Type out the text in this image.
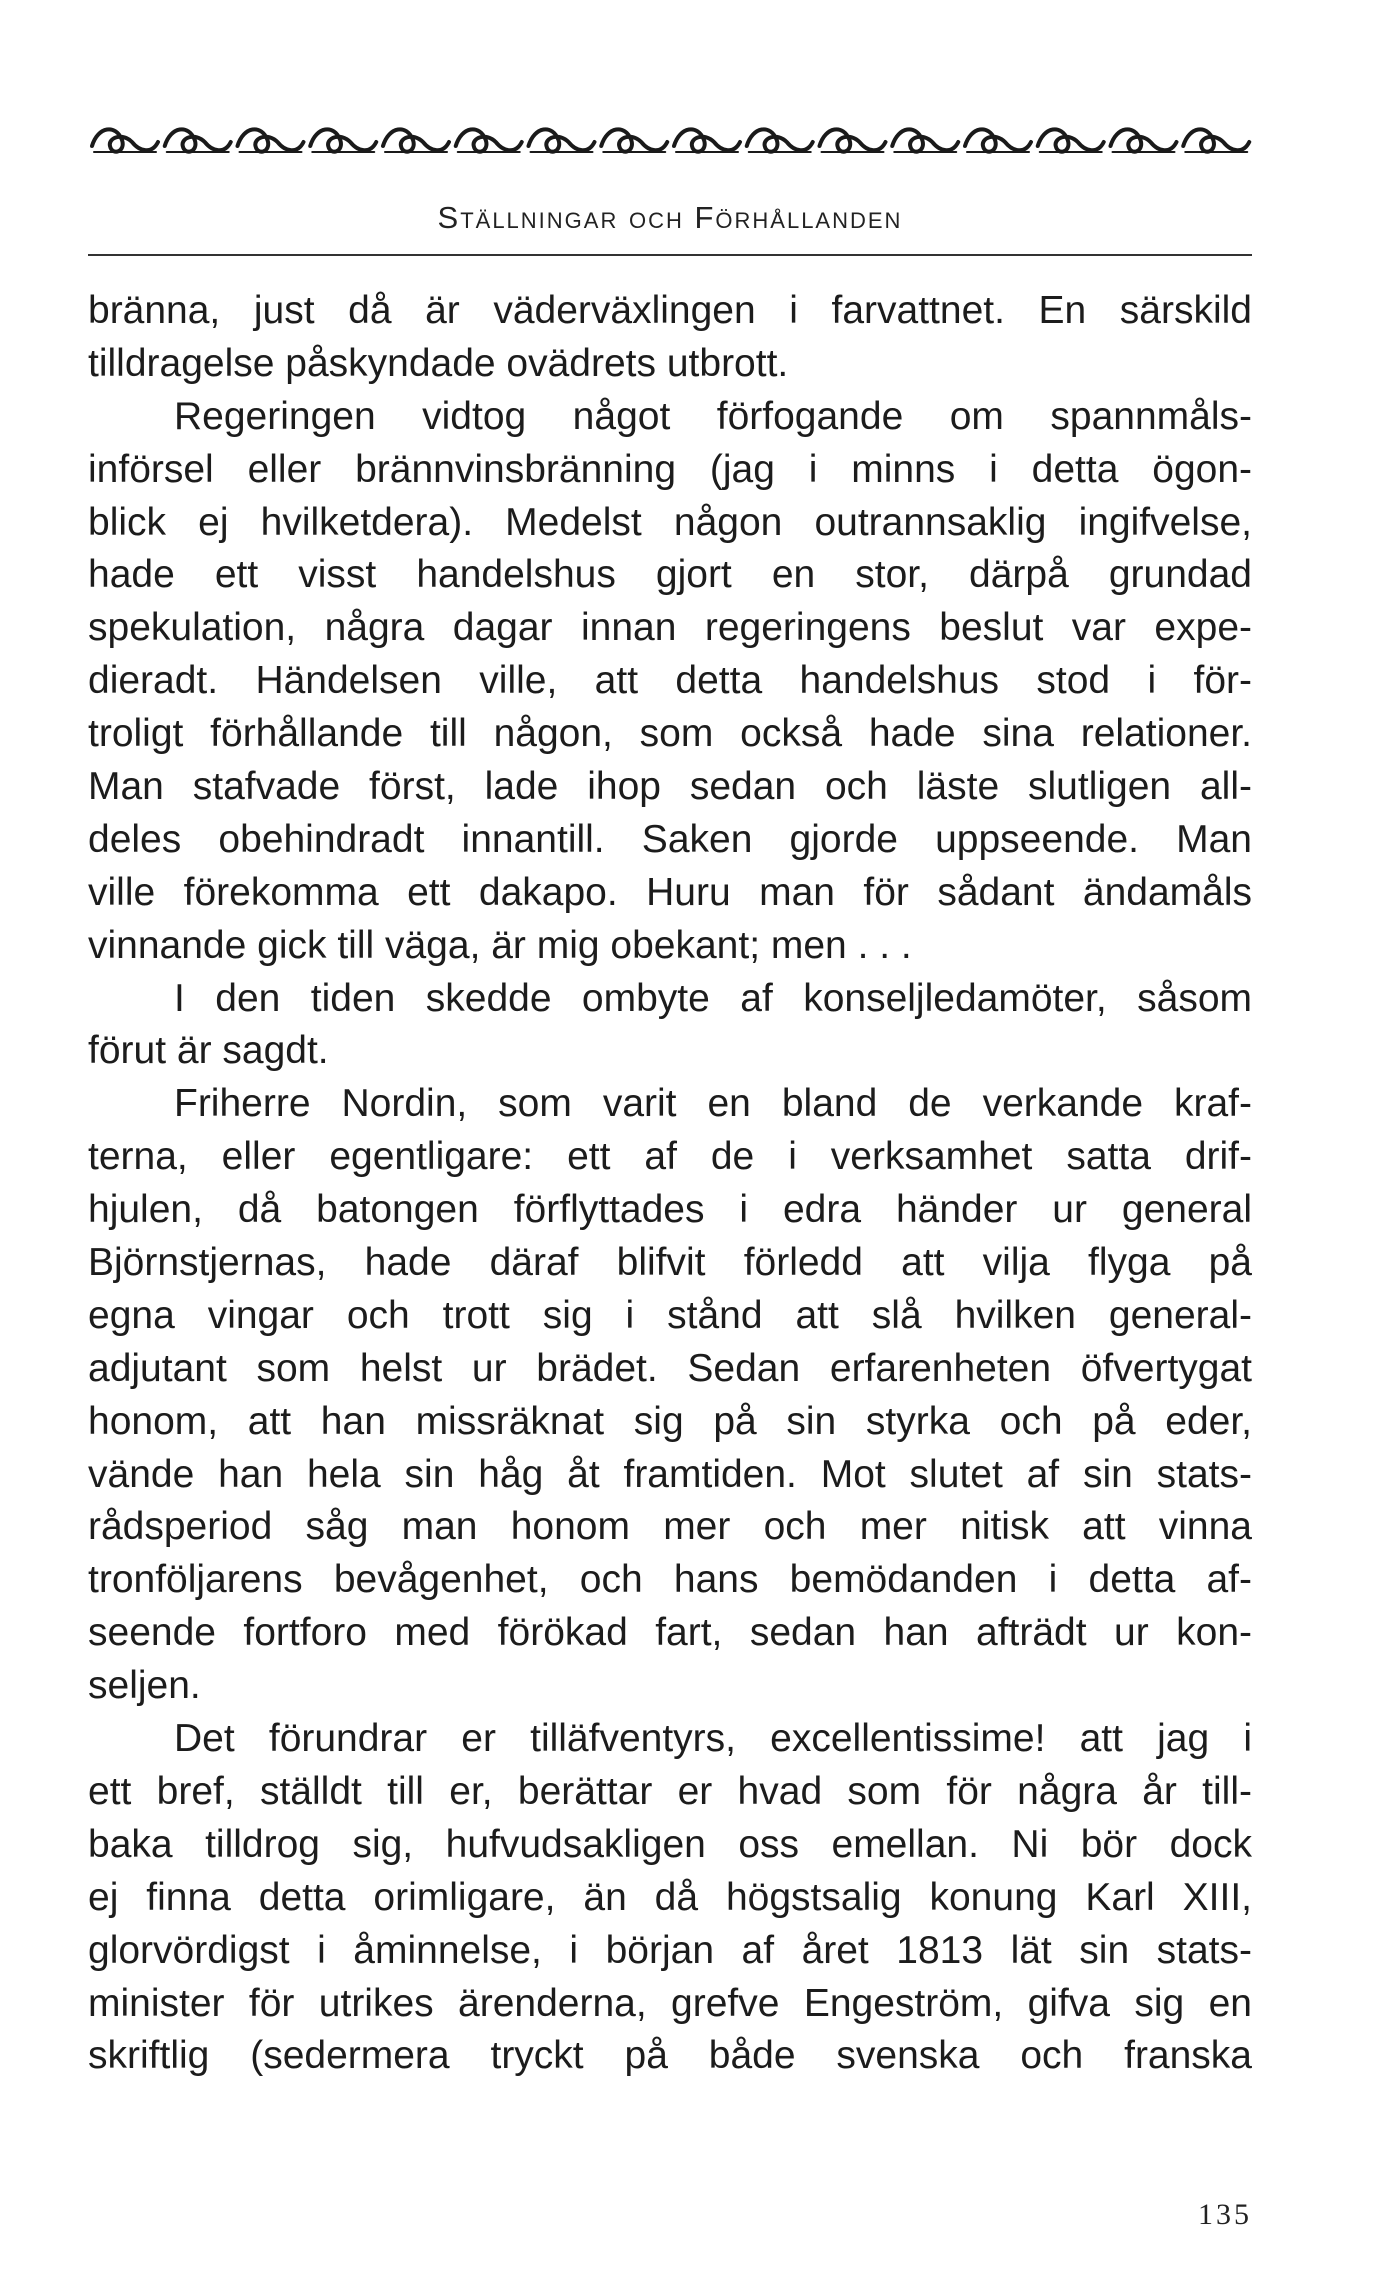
Ställningar och Förhållanden
bränna, just då är väderväxlingen i farvattnet. En särskild
tilldragelse påskyndade ovädrets utbrott.
Regeringen vidtog något förfogande om spannmåls-
införsel eller brännvinsbränning (jag i minns i detta ögon-
blick ej hvilketdera). Medelst någon outrannsaklig ingifvelse,
hade ett visst handelshus gjort en stor, därpå grundad
spekulation, några dagar innan regeringens beslut var expe-
dieradt. Händelsen ville, att detta handelshus stod i för-
troligt förhållande till någon, som också hade sina relationer.
Man stafvade först, lade ihop sedan och läste slutligen all-
deles obehindradt innantill. Saken gjorde uppseende. Man
ville förekomma ett dakapo. Huru man för sådant ändamåls
vinnande gick till väga, är mig obekant; men . . .
I den tiden skedde ombyte af konseljledamöter, såsom
förut är sagdt.
Friherre Nordin, som varit en bland de verkande kraf-
terna, eller egentligare: ett af de i verksamhet satta drif-
hjulen, då batongen förflyttades i edra händer ur general
Björnstjernas, hade däraf blifvit förledd att vilja flyga på
egna vingar och trott sig i stånd att slå hvilken general-
adjutant som helst ur brädet. Sedan erfarenheten öfvertygat
honom, att han missräknat sig på sin styrka och på eder,
vände han hela sin håg åt framtiden. Mot slutet af sin stats-
rådsperiod såg man honom mer och mer nitisk att vinna
tronföljarens bevågenhet, och hans bemödanden i detta af-
seende fortforo med förökad fart, sedan han afträdt ur kon-
seljen.
Det förundrar er tilläfventyrs, excellentissime! att jag i
ett bref, ställdt till er, berättar er hvad som för några år till-
baka tilldrog sig, hufvudsakligen oss emellan. Ni bör dock
ej finna detta orimligare, än då högstsalig konung Karl XIII,
glorvördigst i åminnelse, i början af året 1813 lät sin stats-
minister för utrikes ärenderna, grefve Engeström, gifva sig en
skriftlig (sedermera tryckt på både svenska och franska
135
